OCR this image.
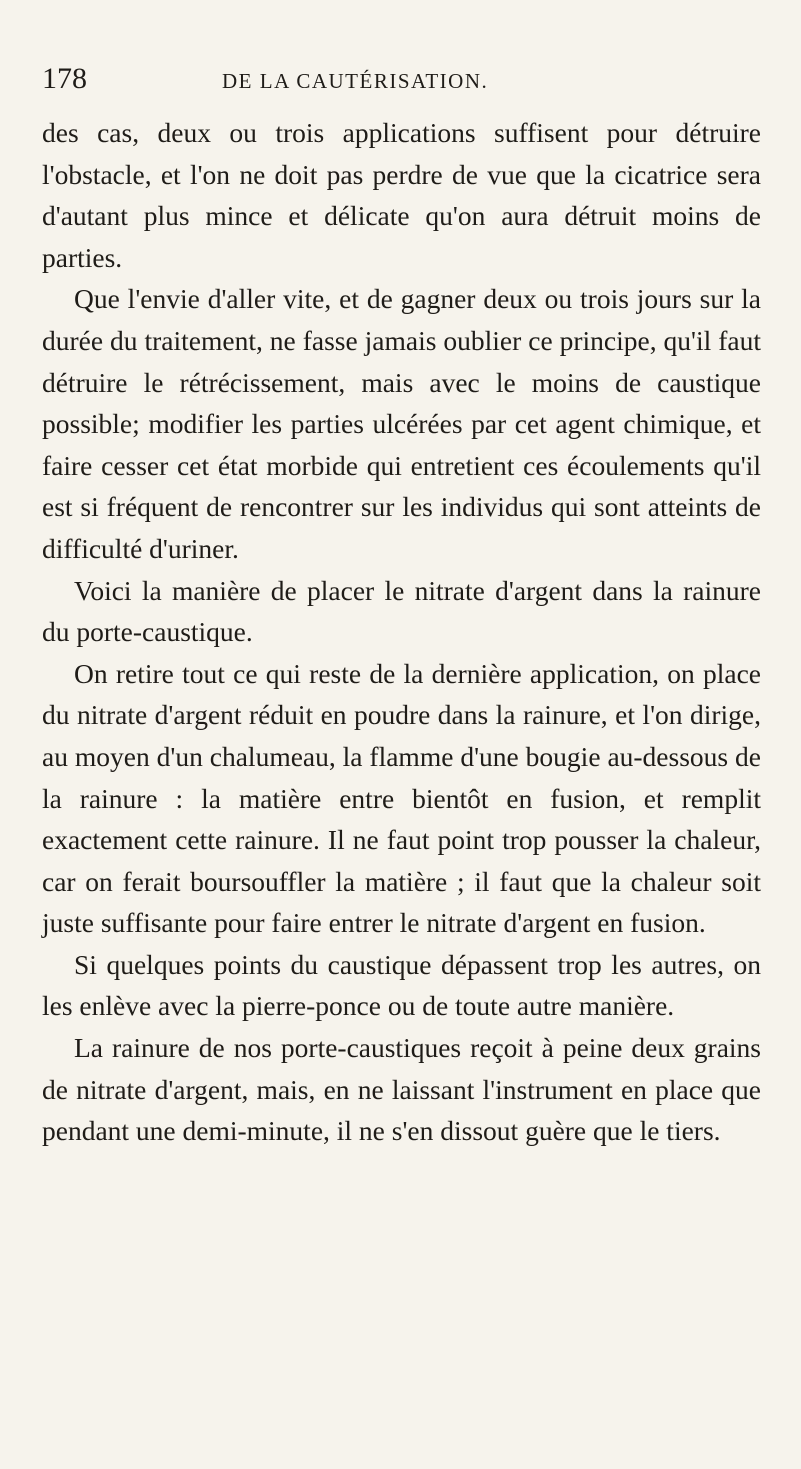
178	DE LA CAUTÉRISATION.

des cas, deux ou trois applications suffisent pour détruire l'obstacle, et l'on ne doit pas perdre de vue que la cicatrice sera d'autant plus mince et délicate qu'on aura détruit moins de parties.

Que l'envie d'aller vite, et de gagner deux ou trois jours sur la durée du traitement, ne fasse jamais oublier ce principe, qu'il faut détruire le rétrécissement, mais avec le moins de caustique possible; modifier les parties ulcérées par cet agent chimique, et faire cesser cet état morbide qui entretient ces écoulements qu'il est si fréquent de rencontrer sur les individus qui sont atteints de difficulté d'uriner.

Voici la manière de placer le nitrate d'argent dans la rainure du porte-caustique.

On retire tout ce qui reste de la dernière application, on place du nitrate d'argent réduit en poudre dans la rainure, et l'on dirige, au moyen d'un chalumeau, la flamme d'une bougie au-dessous de la rainure : la matière entre bientôt en fusion, et remplit exactement cette rainure. Il ne faut point trop pousser la chaleur, car on ferait boursouffler la matière ; il faut que la chaleur soit juste suffisante pour faire entrer le nitrate d'argent en fusion.

Si quelques points du caustique dépassent trop les autres, on les enlève avec la pierre-ponce ou de toute autre manière.

La rainure de nos porte-caustiques reçoit à peine deux grains de nitrate d'argent, mais, en ne laissant l'instrument en place que pendant une demi-minute, il ne s'en dissout guère que le tiers.
